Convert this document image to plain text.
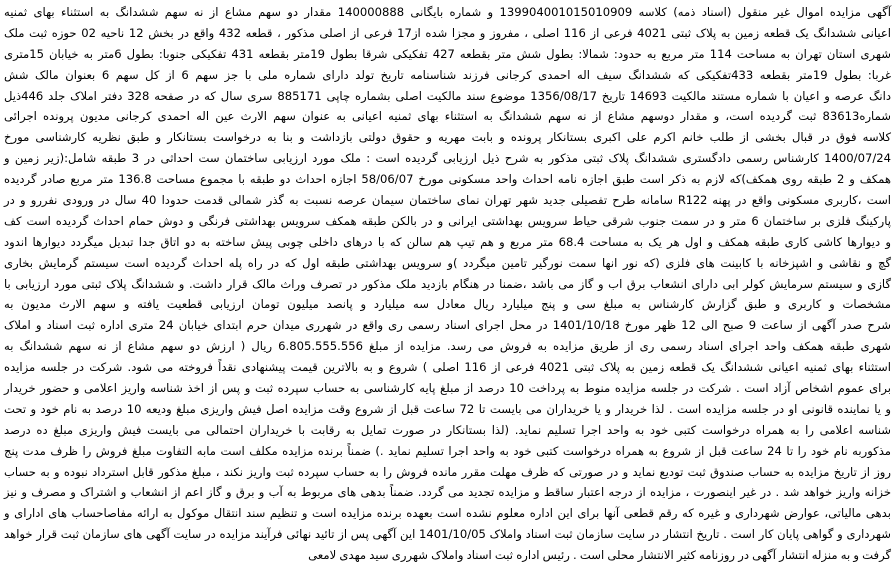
آگهی مزایده اموال غیر منقول (اسناد ذمه) کلاسه 139904001015010909 و شماره بایگانی 140000888 مقدار دو سهم مشاع از نه سهم ششدانگ به استثناء بهای ثمنیه
اعیانی ششدانگ یک قطعه زمین به پلاک ثبتی 4021 فرعی از 116 اصلی ، مفروز و مجزا شده از17 فرعی از اصلی مذکور ، قطعه 432 واقع در بخش 12 ناحیه 02 حوزه ثبت ملک
شهری استان تهران به مساحت 114 متر مربع به حدود: شمالا: بطول شش متر بقطعه 427 تفکیکی شرقا بطول 19متر بقطعه 431 تفکیکی جنوبا: بطول 6متر به خیابان 15متری
غربا: بطول 19متر بقطعه 433تفکیکی که ششدانگ سیف اله احمدی کرجانی فرزند شناسنامه تاریخ تولد دارای شماره ملی با جز سهم 6 از کل سهم 6 بعنوان مالک شش
دانگ عرصه و اعیان با شماره مستند مالکیت 14693 تاریخ 1356/08/17 موضوع سند مالکیت اصلی بشماره چاپی 885171 سری سال که در صفحه 328 دفتر املاک جلد 446ذیل
شماره83613 ثبت گردیده است، و مقدار دوسهم مشاع از نه سهم ششدانگ به استثناء بهای ثمنیه اعیانی به عنوان سهم الارث عین اله احمدی کرجانی مدیون پرونده اجرائی
کلاسه فوق در قبال بخشی از طلب خانم اکرم علی اکبری بستانکار پرونده و بابت مهریه و حقوق دولتی بازداشت و بنا به درخواست بستانکار و طبق نظریه کارشناسی مورخ
1400/07/24 کارشناس رسمی دادگستری ششدانگ پلاک ثبتی مذکور به شرح ذیل ارزیابی گردیده است : ملک مورد ارزیابی ساختمان ست احداثی در 3 طبقه شامل:(زیر زمین و
همکف و 2 طبقه روی همکف)که لازم به ذکر است طبق اجازه نامه احداث واحد مسکونی مورخ 58/06/07 اجازه احداث دو طبقه با مجموع مساحت 136.8 متر مربع صادر گردیده
است ،کاربری مسکونی واقع در پهنه R122 سامانه طرح تفصیلی جدید شهر تهران نمای ساختمان سیمان عرصه نسبت به گذر شمالی قدمت حدودا 40 سال در ورودی نفررو و در
پارکینگ فلزی بر ساختمان 6 متر و در سمت جنوب شرقی حیاط سرویس بهداشتی ایرانی و در بالکن طبقه همکف سرویس بهداشتی فرنگی و دوش حمام احداث گردیده است کف
و دیوارها کاشی کاری طبقه همکف و اول هر یک به مساحت 68.4 متر مربع و هم تیپ هم سالن که با درهای داخلی چوبی پیش ساخته به دو اتاق جدا تبدیل میگردد دیوارها اندود
گچ و نقاشی و اشپزخانه با کابینت های فلزی (که نور انها سمت نورگیر تامین میگردد )و سرویس بهداشتی طبقه اول که در راه پله احداث گردیده است سیستم گرمایش بخاری
گازی و سیستم سرمایش کولر ابی دارای انشعاب برق اب و گاز می باشد ،ضمنا در هنگام بازدید ملک مذکور در تصرف وراث مالک قرار داشت. و ششدانگ پلاک ثبتی مورد ارزیابی با
مشخصات و کاربری و طبق گزارش کارشناس به مبلغ سی و پنج میلیارد ریال معادل سه میلیارد و پانصد میلیون تومان ارزیابی قطعیت یافته و سهم الارث مدیون به
شرح صدر آگهی از ساعت 9 صبح الی 12 ظهر مورخ 1401/10/18 در محل اجرای اسناد رسمی ری واقع در شهرری میدان حرم ابتدای خیابان 24 متری اداره ثبت اسناد و املاک
شهری طبقه همکف واحد اجرای اسناد رسمی ری از طریق مزایده به فروش می رسد. مزایده از مبلغ 6.805.555.556 ریال ( ارزش دو سهم مشاع از نه سهم ششدانگ به
استثناء بهای ثمنیه اعیانی ششدانگ یک قطعه زمین به پلاک ثبتی 4021 فرعی از 116 اصلی ) شروع و به بالاترین قیمت پیشنهادی نقداً فروخته می شود. شرکت در جلسه مزایده
برای عموم اشخاص آزاد است . شرکت در جلسه مزایده منوط به پرداخت 10 درصد از مبلغ پایه کارشناسی به حساب سپرده ثبت و پس از اخذ شناسه واریز اعلامی و حضور خریدار
و یا نماینده قانونی او در جلسه مزایده است . لذا خریدار و یا خریداران می بایست تا 72 ساعت قبل از شروع وقت مزایده اصل فیش واریزی مبلغ ودیعه 10 درصد به نام خود و تحت
شناسه اعلامی را به همراه درخواست کتبی خود به واحد اجرا تسلیم نماید. (لذا بستانکار در صورت تمایل به رقابت با خریداران احتمالی می بایست فیش واریزی مبلغ ده درصد
مذکوربه نام خود را تا 24 ساعت قبل از شروع به همراه درخواست کتبی خود به واحد اجرا تسلیم نماید .) ضمناً برنده مزایده مکلف است مابه التفاوت مبلغ فروش را ظرف مدت پنج
روز از تاریخ مزایده به حساب صندوق ثبت تودیع نماید و در صورتی که ظرف مهلت مقرر مانده فروش را به حساب سپرده ثبت واریز نکند ، مبلغ مذکور قابل استرداد نبوده و به حساب
خزانه واریز خواهد شد . در غیر اینصورت ، مزایده از درجه اعتبار ساقط و مزایده تجدید می گردد. ضمناً بدهی های مربوط به آب و برق و گاز اعم از انشعاب و اشتراک و مصرف و نیز
بدهی مالیاتی، عوارض شهرداری و غیره که رقم قطعی آنها برای این اداره معلوم نشده است بعهده برنده مزایده است و تنظیم سند انتقال موکول به ارائه مفاصاحساب های ادارای و
شهرداری و گواهی پایان کار است . تاریخ انتشار در سایت سازمان ثبت اسناد واملاک 1401/10/05 این آگهی پس از تائید نهائی فرآیند مزایده در سایت آگهی های سازمان ثبت قرار خواهد
گرفت و به منزله انتشار آگهی در روزنامه کثیر الانتشار محلی است . رئیس اداره ثبت اسناد واملاک شهرری سید مهدی لامعی
